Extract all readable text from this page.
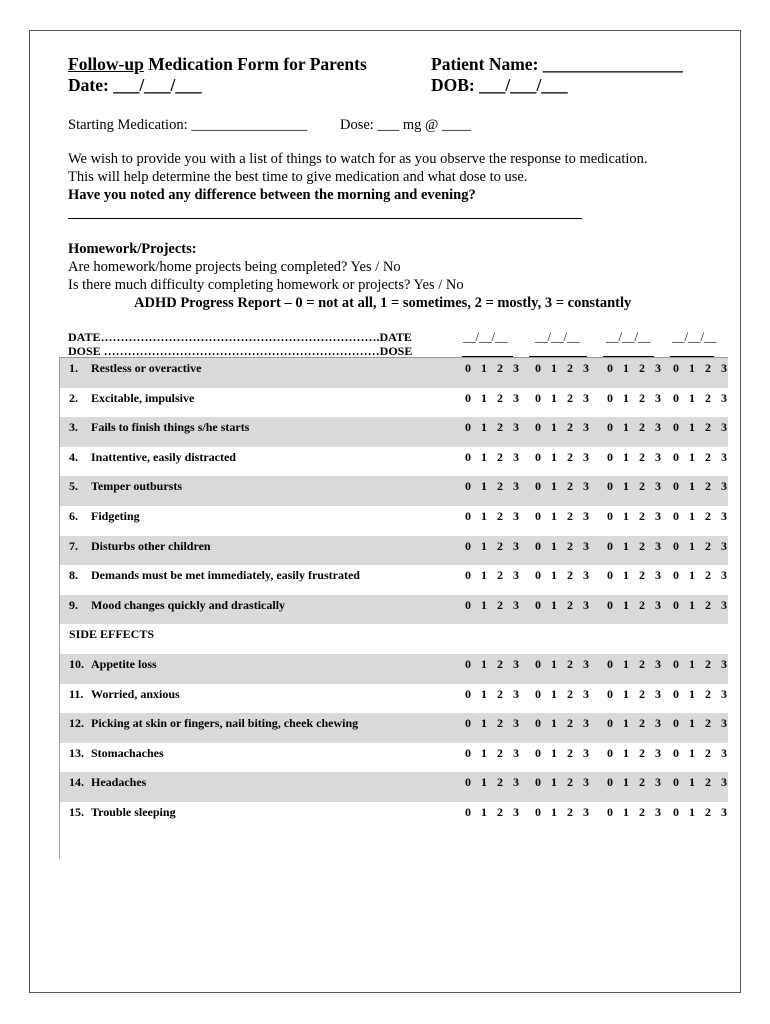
Follow-up Medication Form for Parents	Patient Name: ________________
Date: ___/___/___	DOB: ___/___/___
Starting Medication: ________________ Dose: ___ mg @ ____
We wish to provide you with a list of things to watch for as you observe the response to medication.
This will help determine the best time to give medication and what dose to use.
Have you noted any difference between the morning and evening?
Homework/Projects:
Are homework/home projects being completed? Yes / No
Is there much difficulty completing homework or projects? Yes / No
ADHD Progress Report – 0 = not at all, 1 = sometimes, 2 = mostly, 3 = constantly
DATE…………………………………………………………….DATE
DOSE ……………………………………………………………DOSE
__/__/__ __/__/__ __/__/__ __/__/__
1. Restless or overactive	0 1 2 3 0 1 2 3 0 1 2 3 0 1 2 3
2. Excitable, impulsive	0 1 2 3 0 1 2 3 0 1 2 3 0 1 2 3
3. Fails to finish things s/he starts	0 1 2 3 0 1 2 3 0 1 2 3 0 1 2 3
4. Inattentive, easily distracted	0 1 2 3 0 1 2 3 0 1 2 3 0 1 2 3
5. Temper outbursts	0 1 2 3 0 1 2 3 0 1 2 3 0 1 2 3
6. Fidgeting	0 1 2 3 0 1 2 3 0 1 2 3 0 1 2 3
7. Disturbs other children	0 1 2 3 0 1 2 3 0 1 2 3 0 1 2 3
8. Demands must be met immediately, easily frustrated	0 1 2 3 0 1 2 3 0 1 2 3 0 1 2 3
9. Mood changes quickly and drastically	0 1 2 3 0 1 2 3 0 1 2 3 0 1 2 3
SIDE EFFECTS
10. Appetite loss	0 1 2 3 0 1 2 3 0 1 2 3 0 1 2 3
11. Worried, anxious	0 1 2 3 0 1 2 3 0 1 2 3 0 1 2 3
12. Picking at skin or fingers, nail biting, cheek chewing	0 1 2 3 0 1 2 3 0 1 2 3 0 1 2 3
13. Stomachaches	0 1 2 3 0 1 2 3 0 1 2 3 0 1 2 3
14. Headaches	0 1 2 3 0 1 2 3 0 1 2 3 0 1 2 3
15. Trouble sleeping	0 1 2 3 0 1 2 3 0 1 2 3 0 1 2 3
